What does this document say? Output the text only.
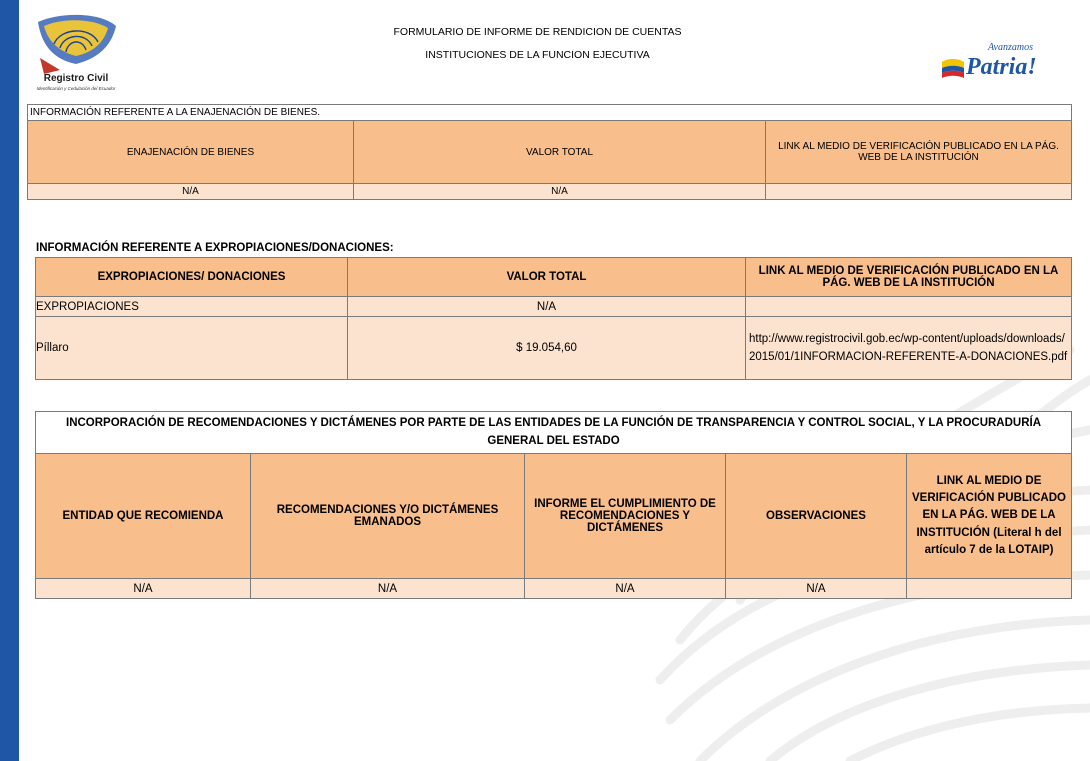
Registro Civil
Identificación y Cedulación del Ecuador
Avanzamos
Patria!
FORMULARIO DE INFORME DE RENDICION DE CUENTAS
INSTITUCIONES DE LA FUNCION EJECUTIVA
INFORMACIÓN REFERENTE A LA ENAJENACIÓN DE BIENES.		
ENAJENACIÓN DE BIENES	VALOR TOTAL	LINK AL MEDIO DE VERIFICACIÓN PUBLICADO EN LA PÁG. WEB DE LA INSTITUCIÓN
N/A	N/A	
INFORMACIÓN REFERENTE A EXPROPIACIONES/DONACIONES:
EXPROPIACIONES/ DONACIONES	VALOR TOTAL	LINK AL MEDIO DE VERIFICACIÓN PUBLICADO EN LA PÁG. WEB DE LA INSTITUCIÓN
EXPROPIACIONES	N/A	
Píllaro	$ 19.054,60	http://www.registrocivil.gob.ec/wp-content/uploads/downloads/2015/01/1INFORMACION-REFERENTE-A-DONACIONES.pdf
INCORPORACIÓN DE RECOMENDACIONES Y DICTÁMENES POR PARTE DE LAS ENTIDADES DE LA FUNCIÓN DE TRANSPARENCIA Y CONTROL SOCIAL, Y LA PROCURADURÍA GENERAL DEL ESTADO				
ENTIDAD QUE RECOMIENDA	RECOMENDACIONES Y/O DICTÁMENES EMANADOS	INFORME EL CUMPLIMIENTO DE RECOMENDACIONES Y DICTÁMENES	OBSERVACIONES	LINK AL MEDIO DE VERIFICACIÓN PUBLICADO EN LA PÁG. WEB DE LA INSTITUCIÓN (Literal h del artículo 7 de la LOTAIP)
N/A	N/A	N/A	N/A	
